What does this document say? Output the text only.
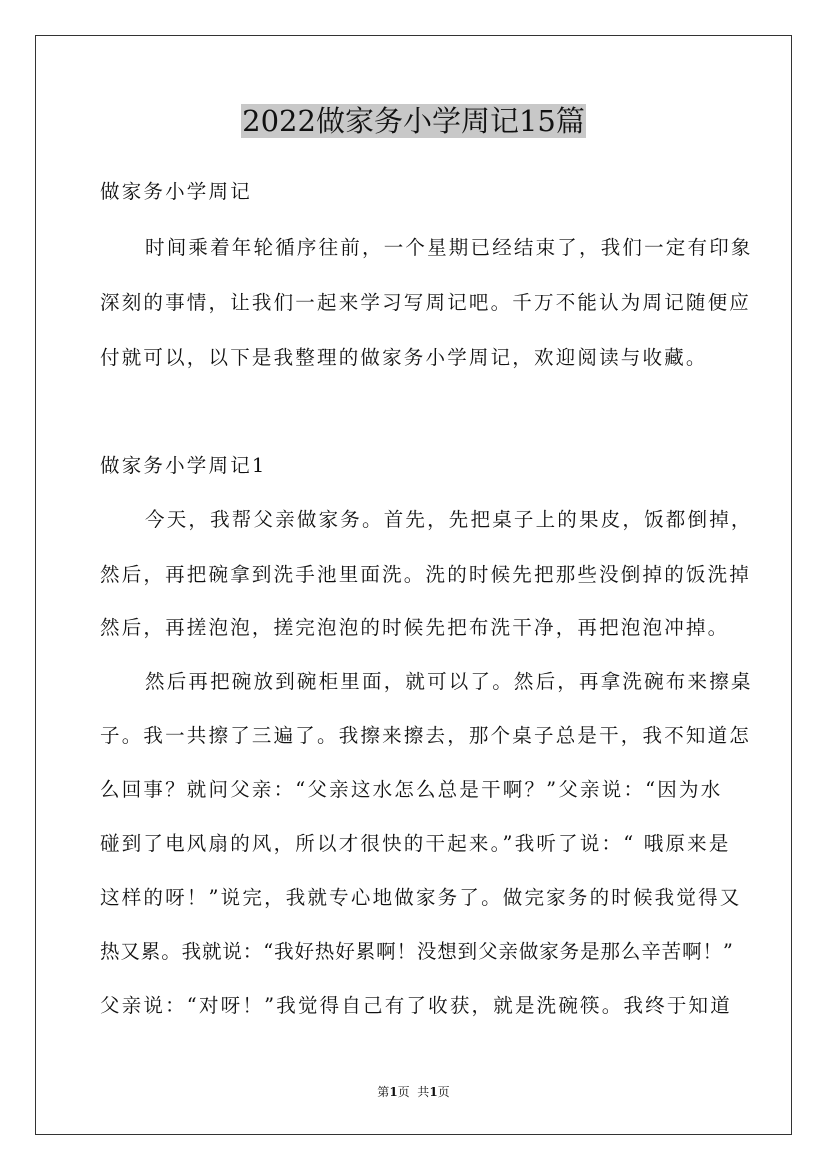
2022做家务小学周记15篇
做家务小学周记
时间乘着年轮循序往前，一个星期已经结束了，我们一定有印象
深刻的事情，让我们一起来学习写周记吧。千万不能认为周记随便应
付就可以，以下是我整理的做家务小学周记，欢迎阅读与收藏。
做家务小学周记1
今天，我帮父亲做家务。首先，先把桌子上的果皮，饭都倒掉，
然后，再把碗拿到洗手池里面洗。洗的时候先把那些没倒掉的饭洗掉
然后，再搓泡泡，搓完泡泡的时候先把布洗干净，再把泡泡冲掉。
然后再把碗放到碗柜里面，就可以了。然后，再拿洗碗布来擦桌
子。我一共擦了三遍了。我擦来擦去，那个桌子总是干，我不知道怎
么回事？就问父亲：“父亲这水怎么总是干啊？”父亲说：“因为水
碰到了电风扇的风，所以才很快的干起来。”我听了说：“ 哦原来是
这样的呀！”说完，我就专心地做家务了。做完家务的时候我觉得又
热又累。我就说：“我好热好累啊！没想到父亲做家务是那么辛苦啊！”
父亲说：“对呀！”我觉得自己有了收获，就是洗碗筷。我终于知道
第1页  共1页
